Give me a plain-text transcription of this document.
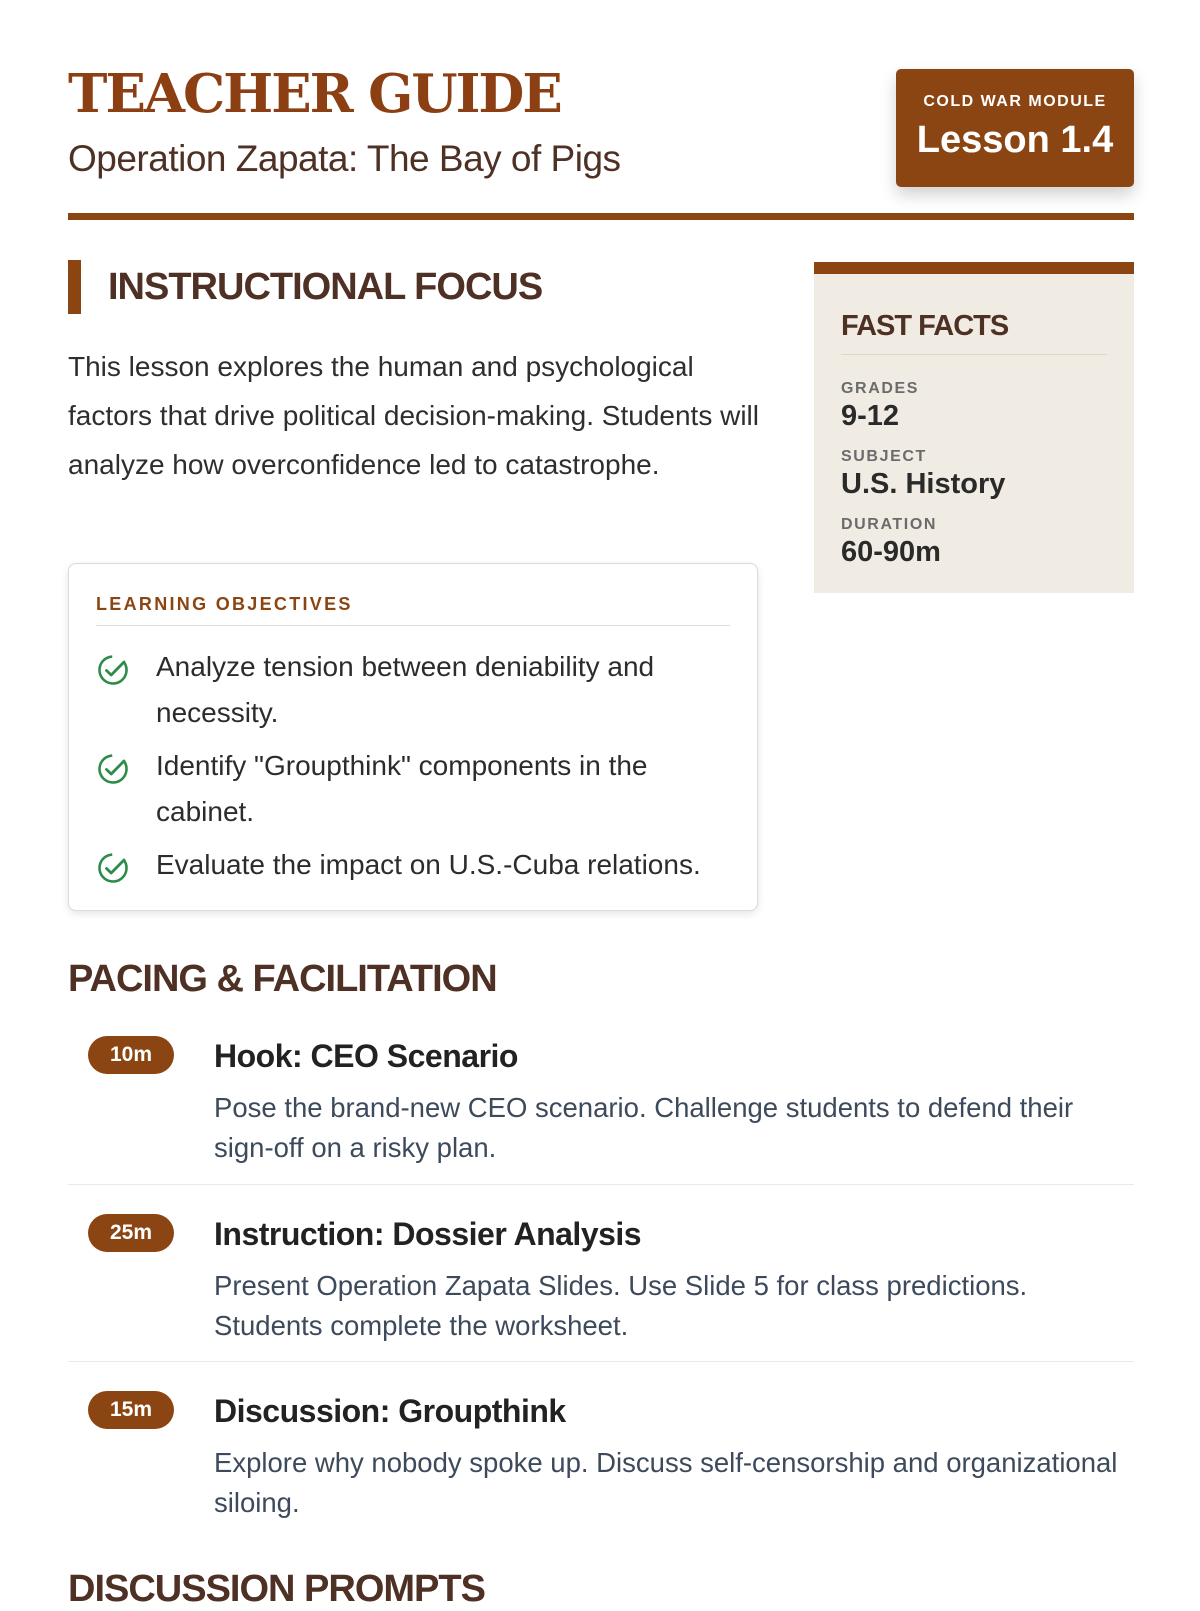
TEACHER GUIDE
Operation Zapata: The Bay of Pigs
COLD WAR MODULE
Lesson 1.4
INSTRUCTIONAL FOCUS

This lesson explores the human and psychological factors that drive political decision-making. Students will analyze how overconfidence led to catastrophe.

LEARNING OBJECTIVES
Analyze tension between deniability and necessity.
Identify "Groupthink" components in the cabinet.
Evaluate the impact on U.S.-Cuba relations.
FAST FACTS
GRADES
9-12
SUBJECT
U.S. History
DURATION
60-90m
PACING & FACILITATION
10m	Hook: CEO Scenario

Pose the brand-new CEO scenario. Challenge students to defend their sign-off on a risky plan.

25m	Instruction: Dossier Analysis

Present Operation Zapata Slides. Use Slide 5 for class predictions. Students complete the worksheet.

15m	Discussion: Groupthink

Explore why nobody spoke up. Discuss self-censorship and organizational siloing.

DISCUSSION PROMPTS
